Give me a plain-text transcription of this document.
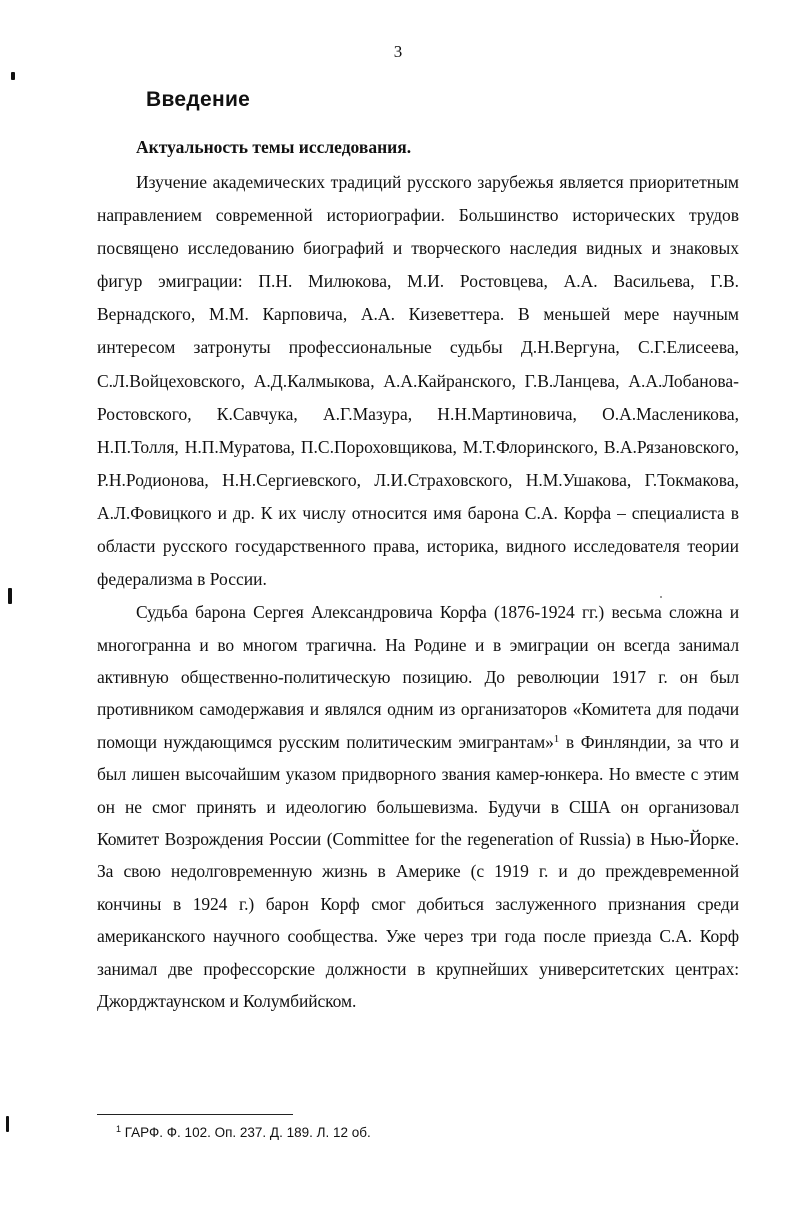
3
Введение
Актуальность темы исследования.

Изучение академических традиций русского зарубежья является приоритетным направлением современной историографии. Большинство исторических трудов посвящено исследованию биографий и творческого наследия видных и знаковых фигур эмиграции: П.Н. Милюкова, М.И. Ростовцева, А.А. Васильева, Г.В. Вернадского, М.М. Карповича, А.А. Кизеветтера. В меньшей мере научным интересом затронуты профессиональные судьбы Д.Н.Вергуна, С.Г.Елисеева, С.Л.Войцеховского, А.Д.Калмыкова, А.А.Кайранского, Г.В.Ланцева, А.А.Лобанова-Ростовского, К.Савчука, А.Г.Мазура, Н.Н.Мартиновича, О.А.Масленикова, Н.П.Толля, Н.П.Муратова, П.С.Пороховщикова, М.Т.Флоринского, В.А.Рязановского, Р.Н.Родионова, Н.Н.Сергиевского, Л.И.Страховского, Н.М.Ушакова, Г.Токмакова, А.Л.Фовицкого и др. К их числу относится имя барона С.А. Корфа – специалиста в области русского государственного права, историка, видного исследователя теории федерализма в России.

Судьба барона Сергея Александровича Корфа (1876-1924 гг.) весьма сложна и многогранна и во многом трагична. На Родине и в эмиграции он всегда занимал активную общественно-политическую позицию. До революции 1917 г. он был противником самодержавия и являлся одним из организаторов «Комитета для подачи помощи нуждающимся русским политическим эмигрантам»$^1$ в Финляндии, за что и был лишен высочайшим указом придворного звания камер-юнкера. Но вместе с этим он не смог принять и идеологию большевизма. Будучи в США он организовал Комитет Возрождения России (Committee for the regeneration of Russia) в Нью-Йорке. За свою недолговременную жизнь в Америке (с 1919 г. и до преждевременной кончины в 1924 г.) барон Корф смог добиться заслуженного признания среди американского научного сообщества. Уже через три года после приезда С.А. Корф занимал две профессорские должности в крупнейших университетских центрах: Джорджтаунском и Колумбийском.

$^1$ ГАРФ. Ф. 102. Оп. 237. Д. 189. Л. 12 об.
